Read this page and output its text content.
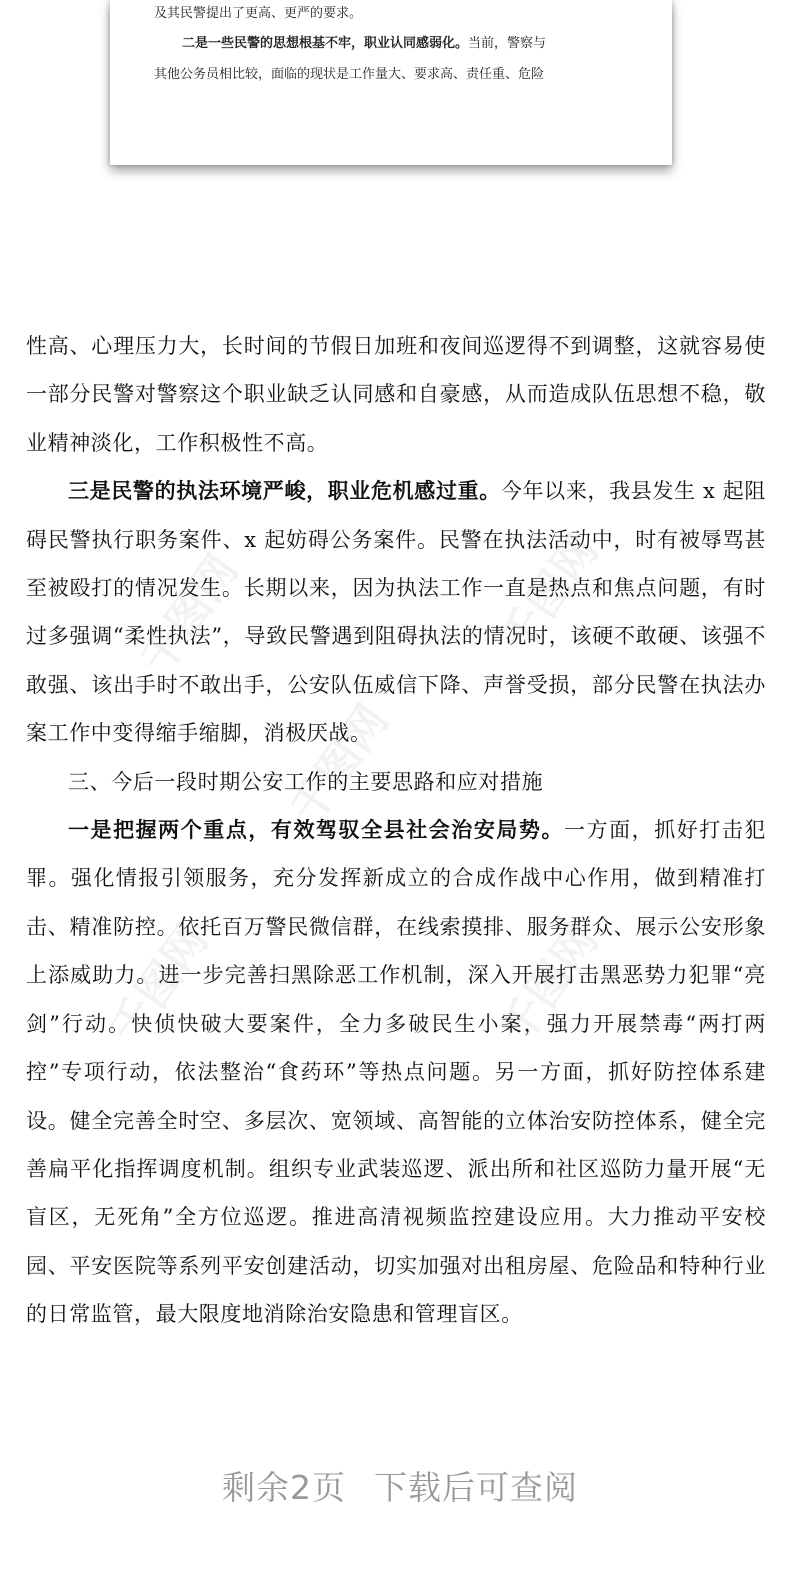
及其民警提出了更高、更严的要求。
二是一些民警的思想根基不牢，职业认同感弱化。当前，警察与
其他公务员相比较，面临的现状是工作量大、要求高、责任重、危险
千图网	千图网
千图网
千图网	千图网

性高、心理压力大，长时间的节假日加班和夜间巡逻得不到调整，这就容易使一部分民警对警察这个职业缺乏认同感和自豪感，从而造成队伍思想不稳，敬业精神淡化，工作积极性不高。

三是民警的执法环境严峻，职业危机感过重。今年以来，我县发生 x 起阻碍民警执行职务案件、x 起妨碍公务案件。民警在执法活动中，时有被辱骂甚至被殴打的情况发生。长期以来，因为执法工作一直是热点和焦点问题，有时过多强调“柔性执法”，导致民警遇到阻碍执法的情况时，该硬不敢硬、该强不敢强、该出手时不敢出手，公安队伍威信下降、声誉受损，部分民警在执法办案工作中变得缩手缩脚，消极厌战。

三、今后一段时期公安工作的主要思路和应对措施

一是把握两个重点，有效驾驭全县社会治安局势。一方面，抓好打击犯罪。强化情报引领服务，充分发挥新成立的合成作战中心作用，做到精准打击、精准防控。依托百万警民微信群，在线索摸排、服务群众、展示公安形象上添威助力。进一步完善扫黑除恶工作机制，深入开展打击黑恶势力犯罪“亮剑”行动。快侦快破大要案件，全力多破民生小案，强力开展禁毒“两打两控”专项行动，依法整治“食药环”等热点问题。另一方面，抓好防控体系建设。健全完善全时空、多层次、宽领域、高智能的立体治安防控体系，健全完善扁平化指挥调度机制。组织专业武装巡逻、派出所和社区巡防力量开展“无盲区，无死角”全方位巡逻。推进高清视频监控建设应用。大力推动平安校园、平安医院等系列平安创建活动，切实加强对出租房屋、危险品和特种行业的日常监管，最大限度地消除治安隐患和管理盲区。

剩余2页 下载后可查阅
